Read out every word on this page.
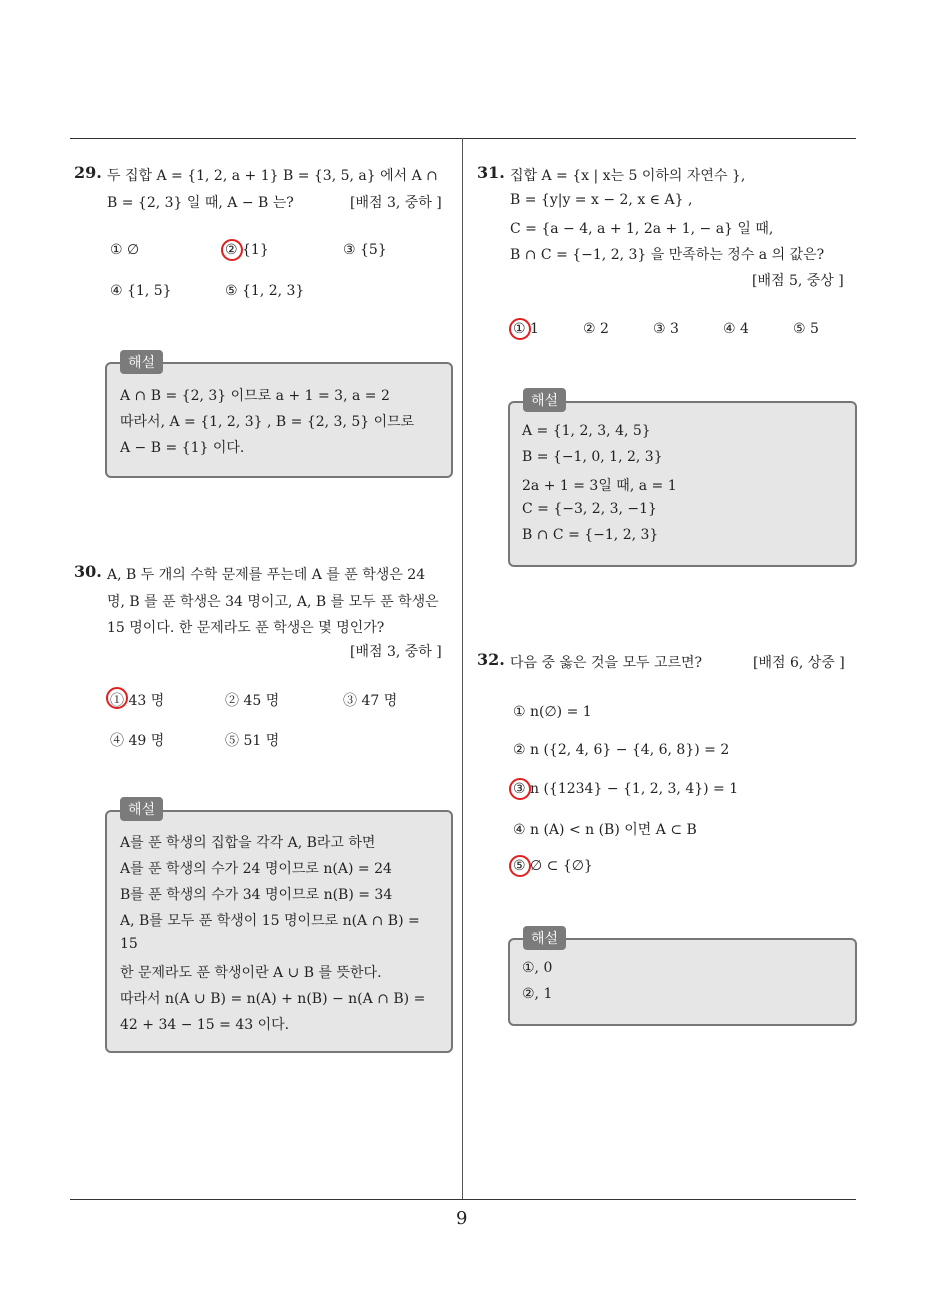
9
29. 두 집합 A = {1, 2, a + 1} B = {3, 5, a} 에서 A ∩
B = {2, 3} 일 때, A − B 는?	[배점 3, 중하 ]
① ∅	② {1}	③ {5}
④ {1, 5}	⑤ {1, 2, 3}
해설
A ∩ B = {2, 3} 이므로 a + 1 = 3, a = 2
따라서, A = {1, 2, 3} , B = {2, 3, 5} 이므로
A − B = {1} 이다.
30. A, B 두 개의 수학 문제를 푸는데 A 를 푼 학생은 24
명, B 를 푼 학생은 34 명이고, A, B 를 모두 푼 학생은
15 명이다. 한 문제라도 푼 학생은 몇 명인가?
[배점 3, 중하 ]
① 43 명	② 45 명	③ 47 명
④ 49 명	⑤ 51 명
해설
A를 푼 학생의 집합을 각각 A, B라고 하면
A를 푼 학생의 수가 24 명이므로 n(A) = 24
B를 푼 학생의 수가 34 명이므로 n(B) = 34
A, B를 모두 푼 학생이 15 명이므로 n(A ∩ B) =
15
한 문제라도 푼 학생이란 A ∪ B 를 뜻한다.
따라서 n(A ∪ B) = n(A) + n(B) − n(A ∩ B) =
42 + 34 − 15 = 43 이다.
31. 집합 A = {x | x는 5 이하의 자연수 },
B = {y|y = x − 2, x ∈ A} ,
C = {a − 4, a + 1, 2a + 1, − a} 일 때,
B ∩ C = {−1, 2, 3} 을 만족하는 정수 a 의 값은?
[배점 5, 중상 ]
① 1	② 2	③ 3	④ 4	⑤ 5
해설
A = {1, 2, 3, 4, 5}
B = {−1, 0, 1, 2, 3}
2a + 1 = 3일 때, a = 1
C = {−3, 2, 3, −1}
B ∩ C = {−1, 2, 3}
32. 다음 중 옳은 것을 모두 고르면?	[배점 6, 상중 ]
① n(∅) = 1
② n ({2, 4, 6} − {4, 6, 8}) = 2
③ n ({1234} − {1, 2, 3, 4}) = 1
④ n (A) < n (B) 이면 A ⊂ B
⑤ ∅ ⊂ {∅}
해설
①, 0
②, 1
